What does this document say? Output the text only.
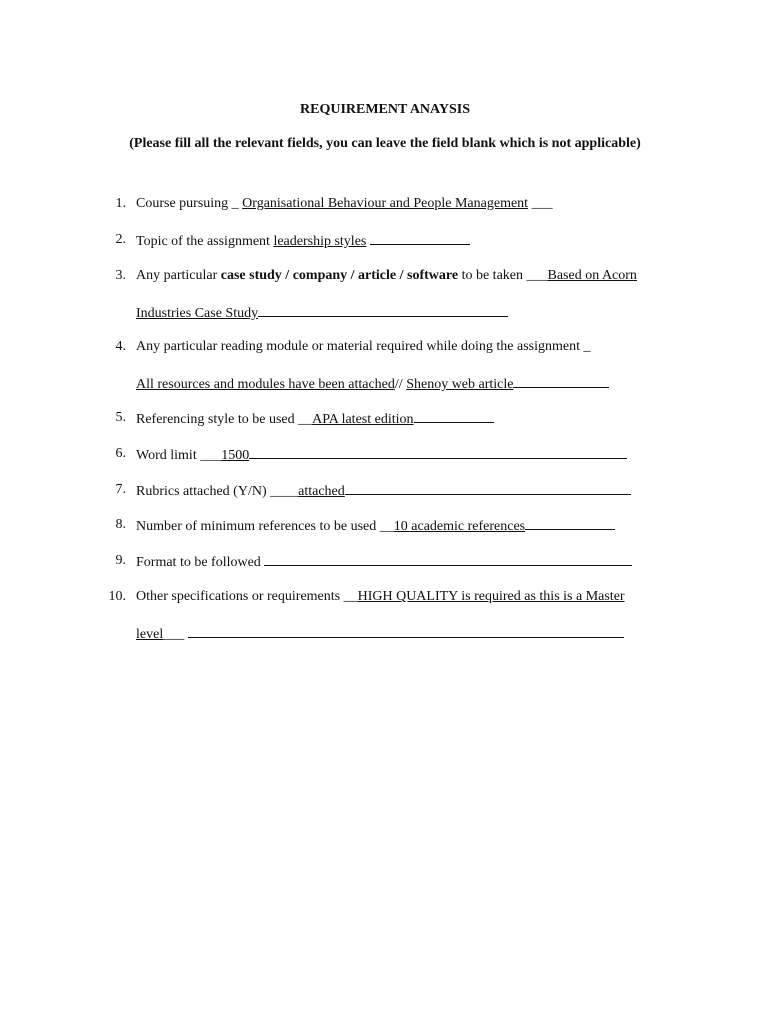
REQUIREMENT ANAYSIS
(Please fill all the relevant fields, you can leave the field blank which is not applicable)
1. Course pursuing _ Organisational Behaviour and People Management ___
2. Topic of the assignment leadership styles
3. Any particular case study / company / article / software to be taken ___Based on Acorn
Industries Case Study
4. Any particular reading module or material required while doing the assignment _
All resources and modules have been attached// Shenoy web article
5. Referencing style to be used __APA latest edition
6. Word limit ___1500
7. Rubrics attached (Y/N) ____attached
8. Number of minimum references to be used __10 academic references
9. Format to be followed
10. Other specifications or requirements __HIGH QUALITY is required as this is a Master
level___
